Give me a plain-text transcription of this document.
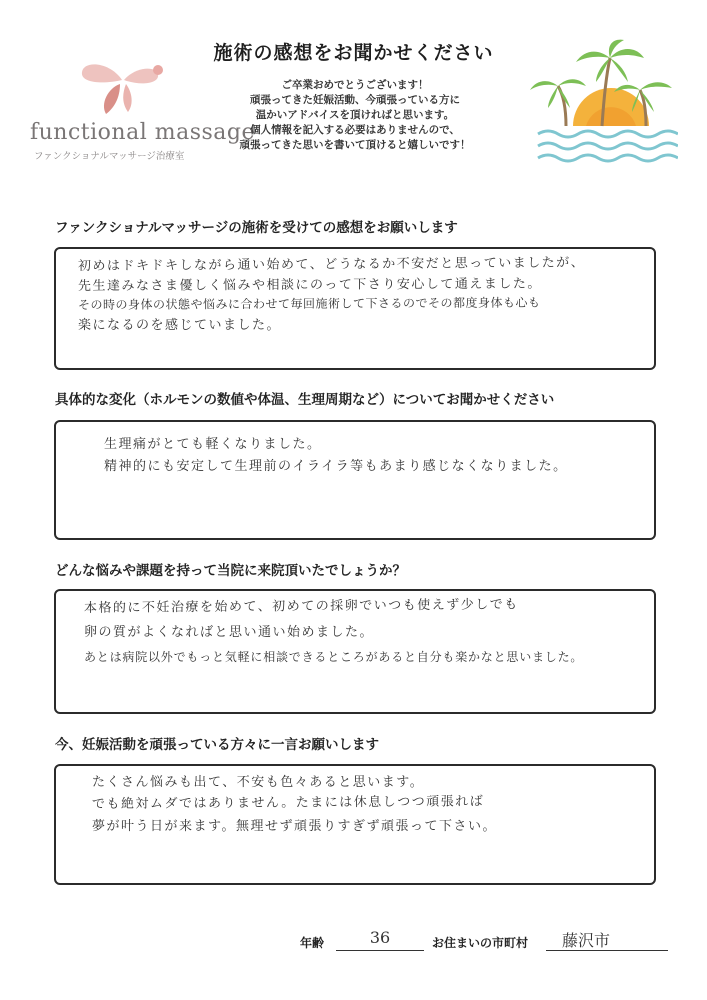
functional massage
ファンクショナルマッサージ治療室
施術の感想をお聞かせください
ご卒業おめでとうございます！
頑張ってきた妊娠活動、今頑張っている方に
温かいアドバイスを頂ければと思います。
個人情報を記入する必要はありませんので、
頑張ってきた思いを書いて頂けると嬉しいです！
ファンクショナルマッサージの施術を受けての感想をお願いします
初めはドキドキしながら通い始めて、どうなるか不安だと思っていましたが、
先生達みなさま優しく悩みや相談にのって下さり安心して通えました。
その時の身体の状態や悩みに合わせて毎回施術して下さるのでその都度身体も心も
楽になるのを感じていました。
具体的な変化（ホルモンの数値や体温、生理周期など）についてお聞かせください
生理痛がとても軽くなりました。
精神的にも安定して生理前のイライラ等もあまり感じなくなりました。
どんな悩みや課題を持って当院に来院頂いたでしょうか？
本格的に不妊治療を始めて、初めての採卵でいつも使えず少しでも
卵の質がよくなればと思い通い始めました。
あとは病院以外でもっと気軽に相談できるところがあると自分も楽かなと思いました。
今、妊娠活動を頑張っている方々に一言お願いします
たくさん悩みも出て、不安も色々あると思います。
でも絶対ムダではありません。たまには休息しつつ頑張れば
夢が叶う日が来ます。無理せず頑張りすぎず頑張って下さい。
年齢	36	お住まいの市町村	藤沢市
